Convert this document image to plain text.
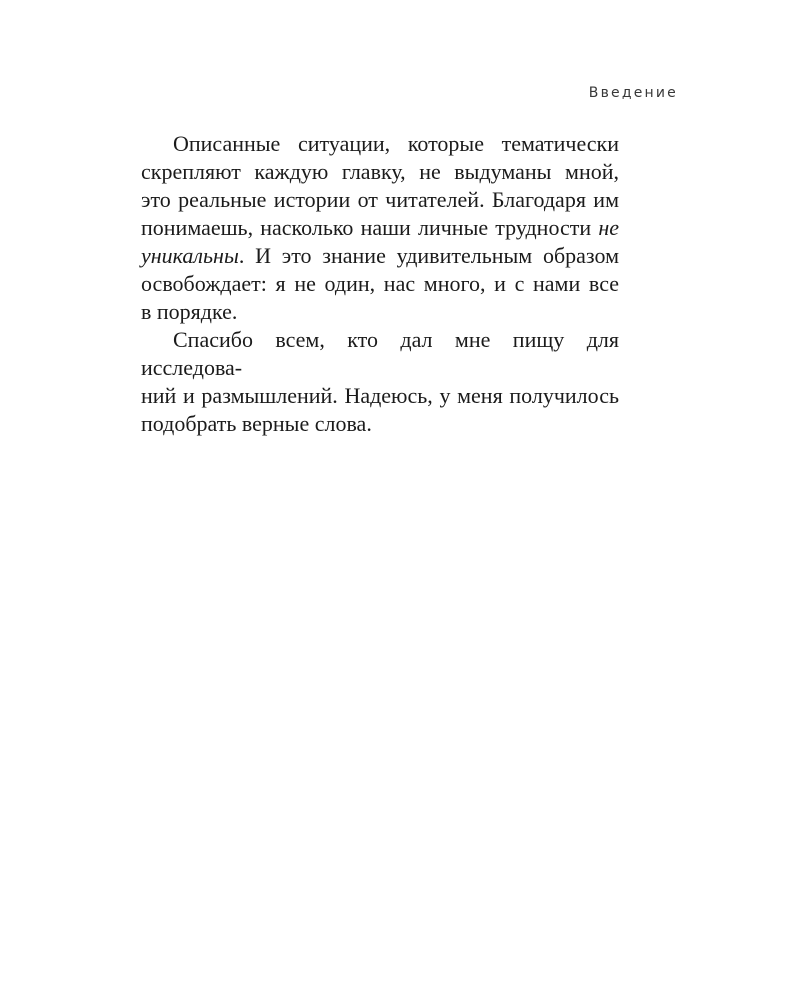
Введение
Описанные ситуации, которые тематически
скрепляют каждую главку, не выдуманы мной,
это реальные истории от читателей. Благодаря им
понимаешь, насколько наши личные трудности не
уникальны. И это знание удивительным образом
освобождает: я не один, нас много, и с нами все
в порядке.
Спасибо всем, кто дал мне пищу для исследова-
ний и размышлений. Надеюсь, у меня получилось
подобрать верные слова.
